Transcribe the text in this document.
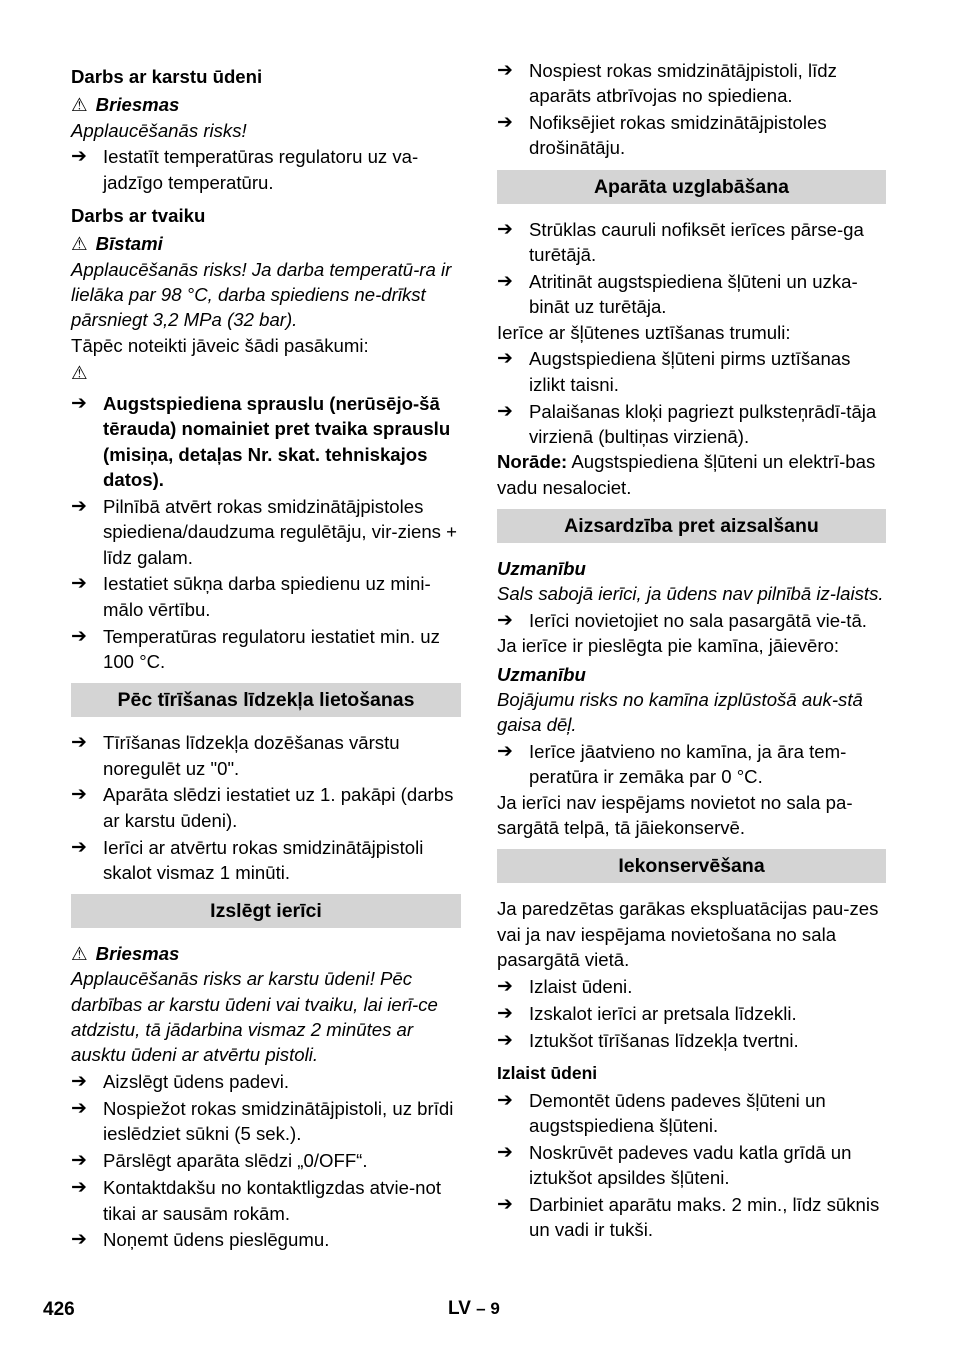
Darbs ar karstu ūdeni

⚠ Briesmas

Applaucēšanās risks!

➔ Iestatīt temperatūras regulatoru uz va-jadzīgo temperatūru.

Darbs ar tvaiku

⚠ Bīstami

Applaucēšanās risks! Ja darba temperatū-ra ir lielāka par 98 °C, darba spiediens ne-drīkst pārsniegt 3,2 MPa (32 bar).

Tāpēc noteikti jāveic šādi pasākumi:

⚠

➔ Augstspiediena sprauslu (nerūsējo-šā tērauda) nomainiet pret tvaika sprauslu (misiņa, detaļas Nr. skat. tehniskajos datos).
➔ Pilnībā atvērt rokas smidzinātājpistoles spiediena/daudzuma regulētāju, vir-ziens + līdz galam.
➔ Iestatiet sūkņa darba spiedienu uz mini-mālo vērtību.
➔ Temperatūras regulatoru iestatiet min. uz 100 °C.
Pēc tīrīšanas līdzekļa lietošanas
➔ Tīrīšanas līdzekļa dozēšanas vārstu noregulēt uz "0".
➔ Aparāta slēdzi iestatiet uz 1. pakāpi (darbs ar karstu ūdeni).
➔ Ierīci ar atvērtu rokas smidzinātājpistoli skalot vismaz 1 minūti.
Izslēgt ierīci

⚠ Briesmas

Applaucēšanās risks ar karstu ūdeni! Pēc darbības ar karstu ūdeni vai tvaiku, lai ierī-ce atdzistu, tā jādarbina vismaz 2 minūtes ar ausktu ūdeni ar atvērtu pistoli.

➔ Aizslēgt ūdens padevi.
➔ Nospiežot rokas smidzinātājpistoli, uz brīdi ieslēdziet sūkni (5 sek.).
➔ Pārslēgt aparāta slēdzi „0/OFF“.
➔ Kontaktdakšu no kontaktligzdas atvie-not tikai ar sausām rokām.
➔ Noņemt ūdens pieslēgumu.
➔ Nospiest rokas smidzinātājpistoli, līdz aparāts atbrīvojas no spiediena.
➔ Nofiksējiet rokas smidzinātājpistoles drošinātāju.
Aparāta uzglabāšana
➔ Strūklas cauruli nofiksēt ierīces pārse-ga turētājā.
➔ Atritināt augstspiediena šļūteni un uzka-bināt uz turētāja.

Ierīce ar šļūtenes uztīšanas trumuli:

➔ Augstspiediena šļūteni pirms uztīšanas izlikt taisni.
➔ Palaišanas kloķi pagriezt pulksteņrādī-tāja virzienā (bultiņas virzienā).

Norāde: Augstspiediena šļūteni un elektrī-bas vadu nesalociet.

Aizsardzība pret aizsalšanu

Uzmanību

Sals sabojā ierīci, ja ūdens nav pilnībā iz-laists.

➔ Ierīci novietojiet no sala pasargātā vie-tā.

Ja ierīce ir pieslēgta pie kamīna, jāievēro:

Uzmanību

Bojājumu risks no kamīna izplūstošā auk-stā gaisa dēļ.

➔ Ierīce jāatvieno no kamīna, ja āra tem-peratūra ir zemāka par 0 °C.

Ja ierīci nav iespējams novietot no sala pa-sargātā telpā, tā jāiekonservē.

Iekonservēšana

Ja paredzētas garākas ekspluatācijas pau-zes vai ja nav iespējama novietošana no sala pasargātā vietā.

➔ Izlaist ūdeni.
➔ Izskalot ierīci ar pretsala līdzekli.
➔ Iztukšot tīrīšanas līdzekļa tvertni.

Izlaist ūdeni

➔ Demontēt ūdens padeves šļūteni un augstspiediena šļūteni.
➔ Noskrūvēt padeves vadu katla grīdā un iztukšot apsildes šļūteni.
➔ Darbiniet aparātu maks. 2 min., līdz sūknis un vadi ir tukši.
426	LV – 9
